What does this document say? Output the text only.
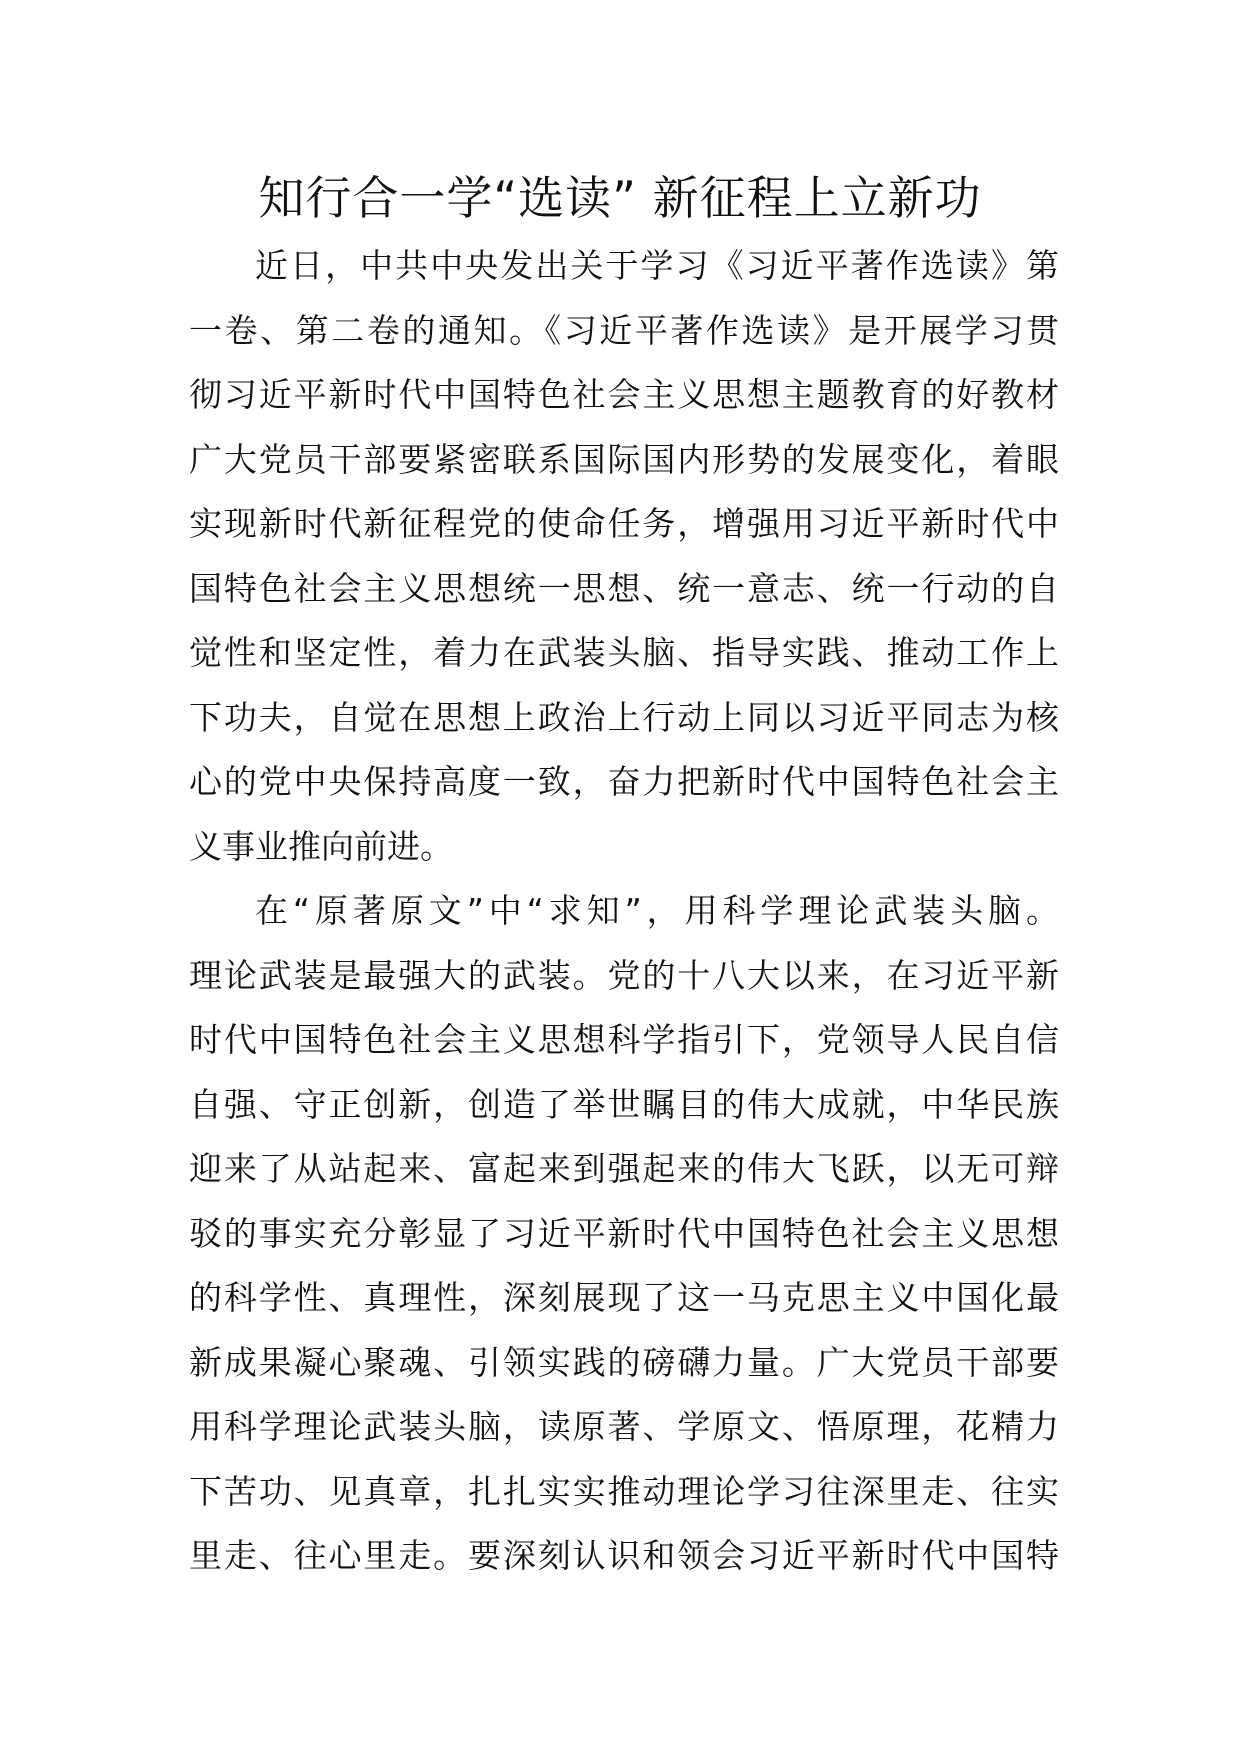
知行合一学“选读” 新征程上立新功

近日，中共中央发出关于学习《习近平著作选读》第
一卷、第二卷的通知。《习近平著作选读》是开展学习贯
彻习近平新时代中国特色社会主义思想主题教育的好教材
广大党员干部要紧密联系国际国内形势的发展变化，着眼
实现新时代新征程党的使命任务，增强用习近平新时代中
国特色社会主义思想统一思想、统一意志、统一行动的自
觉性和坚定性，着力在武装头脑、指导实践、推动工作上
下功夫，自觉在思想上政治上行动上同以习近平同志为核
心的党中央保持高度一致，奋力把新时代中国特色社会主
义事业推向前进。

在“原著原文”中“求知”，用科学理论武装头脑。
理论武装是最强大的武装。党的十八大以来，在习近平新
时代中国特色社会主义思想科学指引下，党领导人民自信
自强、守正创新，创造了举世瞩目的伟大成就，中华民族
迎来了从站起来、富起来到强起来的伟大飞跃，以无可辩
驳的事实充分彰显了习近平新时代中国特色社会主义思想
的科学性、真理性，深刻展现了这一马克思主义中国化最
新成果凝心聚魂、引领实践的磅礴力量。广大党员干部要
用科学理论武装头脑，读原著、学原文、悟原理，花精力
下苦功、见真章，扎扎实实推动理论学习往深里走、往实
里走、往心里走。要深刻认识和领会习近平新时代中国特
